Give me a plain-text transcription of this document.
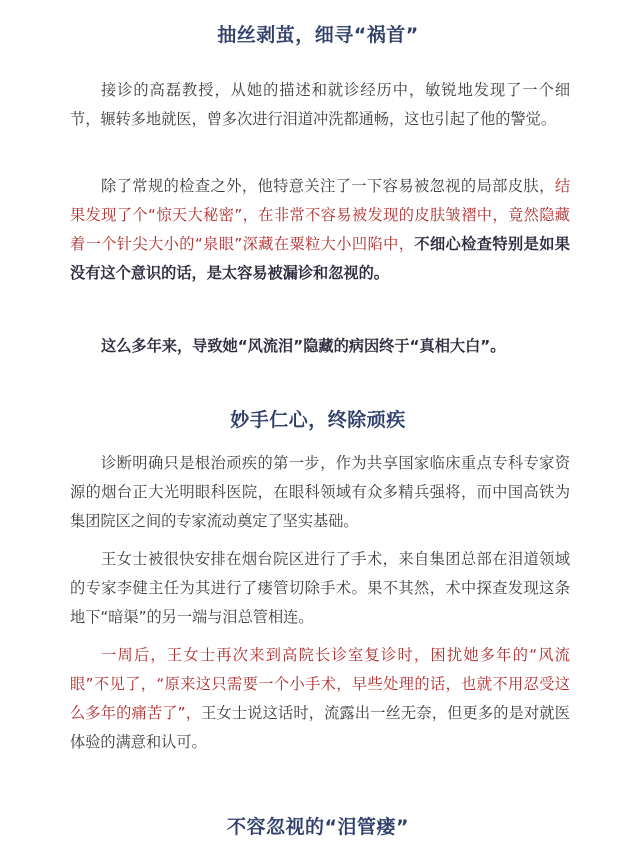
抽丝剥茧，细寻“祸首”

接诊的高磊教授，从她的描述和就诊经历中，敏锐地发现了一个细节，辗转多地就医，曾多次进行泪道冲洗都通畅，这也引起了他的警觉。

除了常规的检查之外，他特意关注了一下容易被忽视的局部皮肤，结果发现了个“惊天大秘密”，在非常不容易被发现的皮肤皱褶中，竟然隐藏着一个针尖大小的“泉眼”深藏在粟粒大小凹陷中，不细心检查特别是如果没有这个意识的话，是太容易被漏诊和忽视的。

这么多年来，导致她“风流泪”隐藏的病因终于“真相大白”。

妙手仁心，终除顽疾

诊断明确只是根治顽疾的第一步，作为共享国家临床重点专科专家资源的烟台正大光明眼科医院，在眼科领域有众多精兵强将，而中国高铁为集团院区之间的专家流动奠定了坚实基础。

王女士被很快安排在烟台院区进行了手术，来自集团总部在泪道领域的专家李健主任为其进行了瘘管切除手术。果不其然，术中探查发现这条地下“暗渠”的另一端与泪总管相连。

一周后，王女士再次来到高院长诊室复诊时，困扰她多年的“风流眼”不见了，“原来这只需要一个小手术，早些处理的话，也就不用忍受这么多年的痛苦了”，王女士说这话时，流露出一丝无奈，但更多的是对就医体验的满意和认可。

不容忽视的“泪管瘘”
